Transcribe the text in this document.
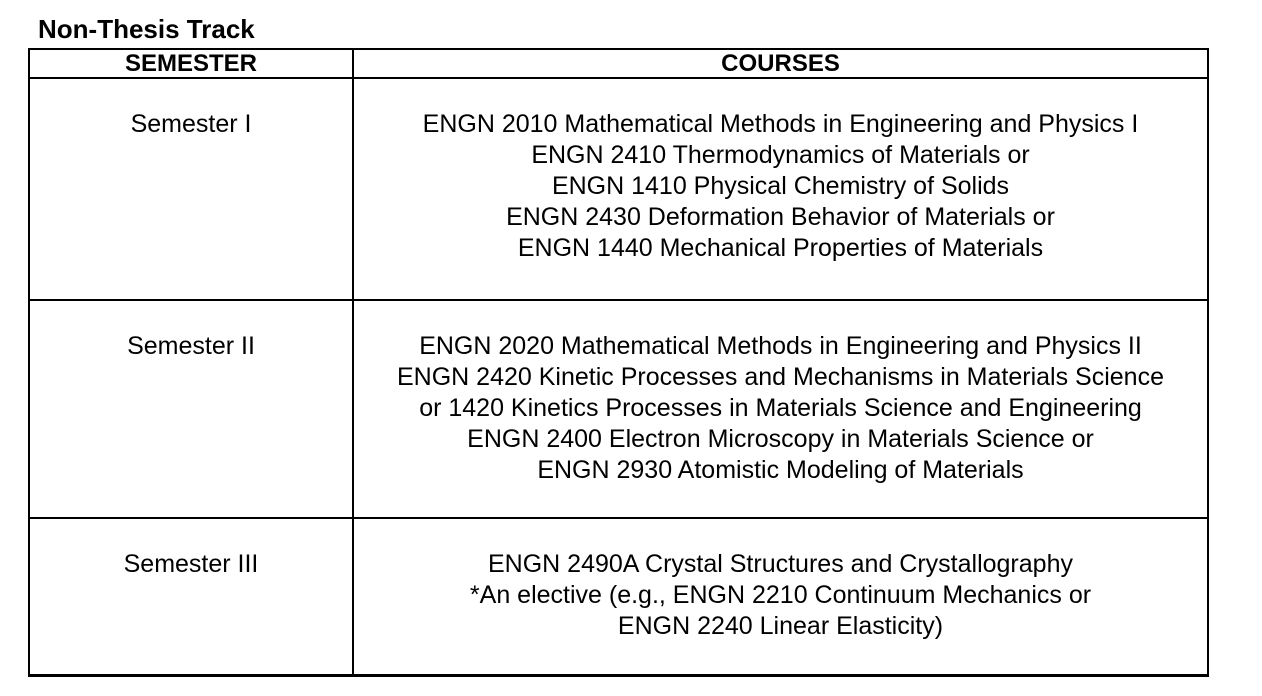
Non-Thesis Track
SEMESTER	COURSES

Semester I	ENGN 2010 Mathematical Methods in Engineering and Physics I
ENGN 2410 Thermodynamics of Materials or
ENGN 1410 Physical Chemistry of Solids
ENGN 2430 Deformation Behavior of Materials or
ENGN 1440 Mechanical Properties of Materials

Semester II	ENGN 2020 Mathematical Methods in Engineering and Physics II
ENGN 2420 Kinetic Processes and Mechanisms in Materials Science
or 1420 Kinetics Processes in Materials Science and Engineering
ENGN 2400 Electron Microscopy in Materials Science or
ENGN 2930 Atomistic Modeling of Materials

Semester III	ENGN 2490A Crystal Structures and Crystallography
*An elective (e.g., ENGN 2210 Continuum Mechanics or
ENGN 2240 Linear Elasticity)
